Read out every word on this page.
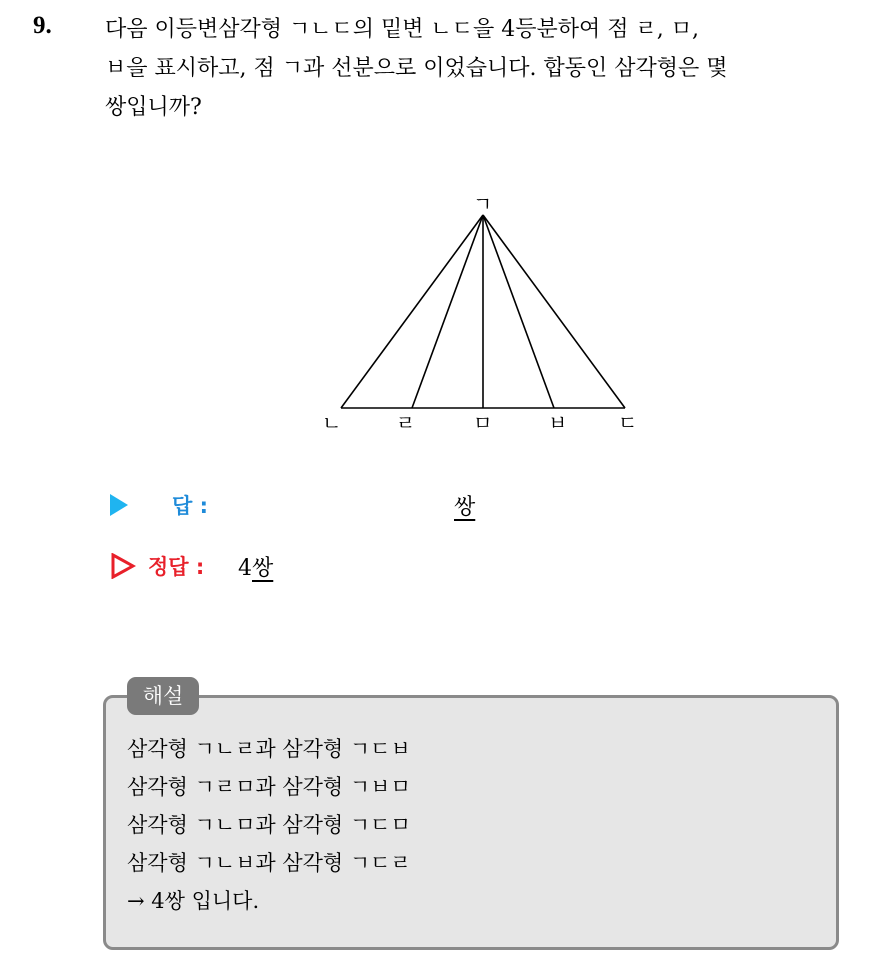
9. 다음 이등변삼각형 ㄱㄴㄷ의 밑변 ㄴㄷ을 4등분하여 점 ㄹ, ㅁ,
ㅂ을 표시하고, 점 ㄱ과 선분으로 이었습니다. 합동인 삼각형은 몇
쌍입니까?

ㄱ
ㄴ	ㄹ	ㅁ	ㅂ	ㄷ
답 :	쌍
정답 : 4쌍
해설
삼각형 ㄱㄴㄹ과 삼각형 ㄱㄷㅂ
삼각형 ㄱㄹㅁ과 삼각형 ㄱㅂㅁ
삼각형 ㄱㄴㅁ과 삼각형 ㄱㄷㅁ
삼각형 ㄱㄴㅂ과 삼각형 ㄱㄷㄹ
→ 4쌍 입니다.
